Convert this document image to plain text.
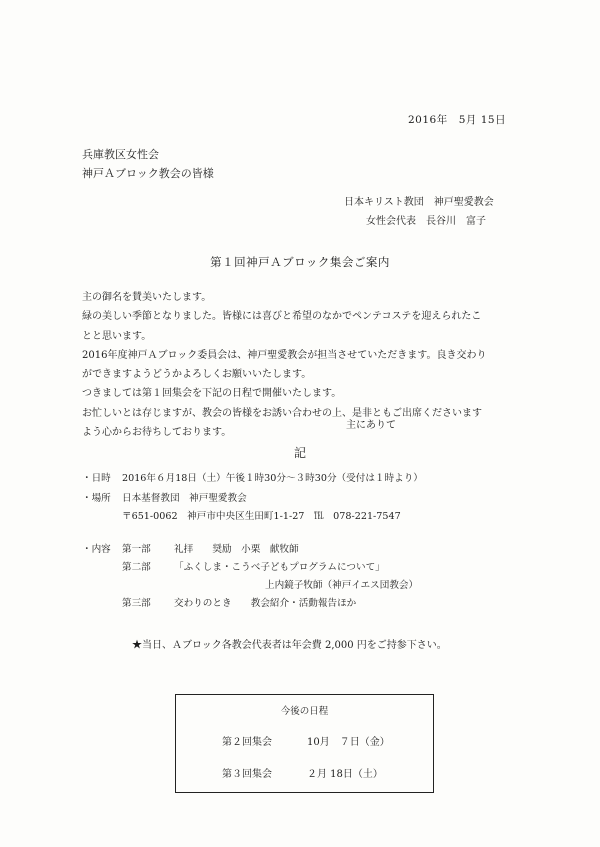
2016年　5月 15日
兵庫教区女性会
神戸Ａブロック教会の皆様
日本キリスト教団　神戸聖愛教会
女性会代表　長谷川　富子
第１回神戸Ａブロック集会ご案内
主の御名を賛美いたします。
緑の美しい季節となりました。皆様には喜びと希望のなかでペンテコステを迎えられたこ
とと思います。
2016年度神戸Ａブロック委員会は、神戸聖愛教会が担当させていただきます。良き交わり
ができますようどうかよろしくお願いいたします。
つきましては第１回集会を下記の日程で開催いたします。
お忙しいとは存じますが、教会の皆様をお誘い合わせの上、是非ともご出席くださいます
よう心からお待ちしております。
主にありて
記
・日時 2016年６月18日（土）午後１時30分～３時30分（受付は１時より）
・場所 日本基督教団　神戸聖愛教会
〒651-0062　神戸市中央区生田町1-1-27　℡　078-221-7547
・内容 第一部 礼拝　　奨励　小栗　献牧師
第二部 「ふくしま・こうべ子どもプログラムについて」
上内鏡子牧師（神戸イエス団教会）
第三部 交わりのとき　　教会紹介・活動報告ほか
★当日、Ａブロック各教会代表者は年会費 2,000 円をご持参下さい。
今後の日程
第２回集会	10月　７日（金）
第３回集会	２月 18日（土）
